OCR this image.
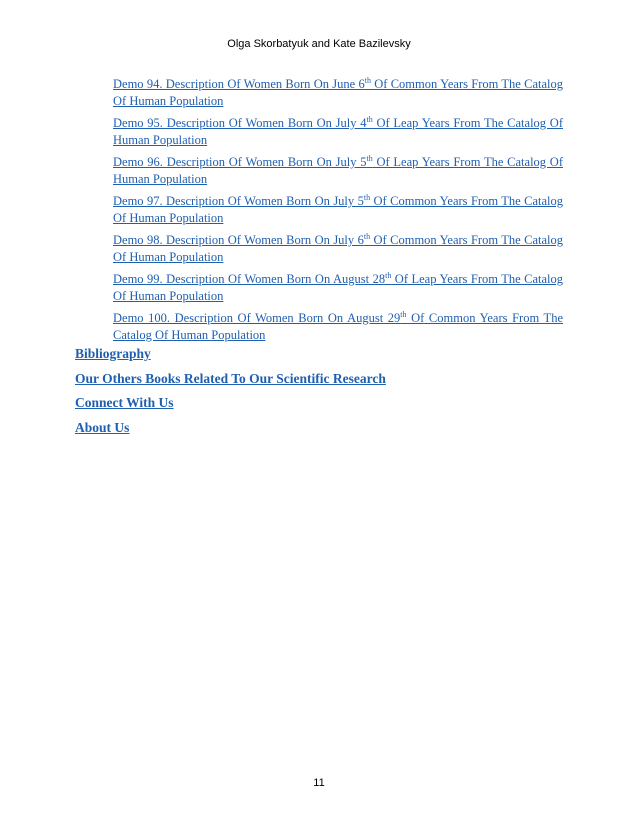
Olga Skorbatyuk and Kate Bazilevsky
Demo 94. Description Of Women Born On June 6th Of Common Years From The Catalog Of Human Population
Demo 95. Description Of Women Born On July 4th Of Leap Years From The Catalog Of Human Population
Demo 96. Description Of Women Born On July 5th Of Leap Years From The Catalog Of Human Population
Demo 97. Description Of Women Born On July 5th Of Common Years From The Catalog Of Human Population
Demo 98. Description Of Women Born On July 6th Of Common Years From The Catalog Of Human Population
Demo 99. Description Of Women Born On August 28th Of Leap Years From The Catalog Of Human Population
Demo 100. Description Of Women Born On August 29th Of Common Years From The Catalog Of Human Population
Bibliography
Our Others Books Related To Our Scientific Research
Connect With Us
About Us
11
